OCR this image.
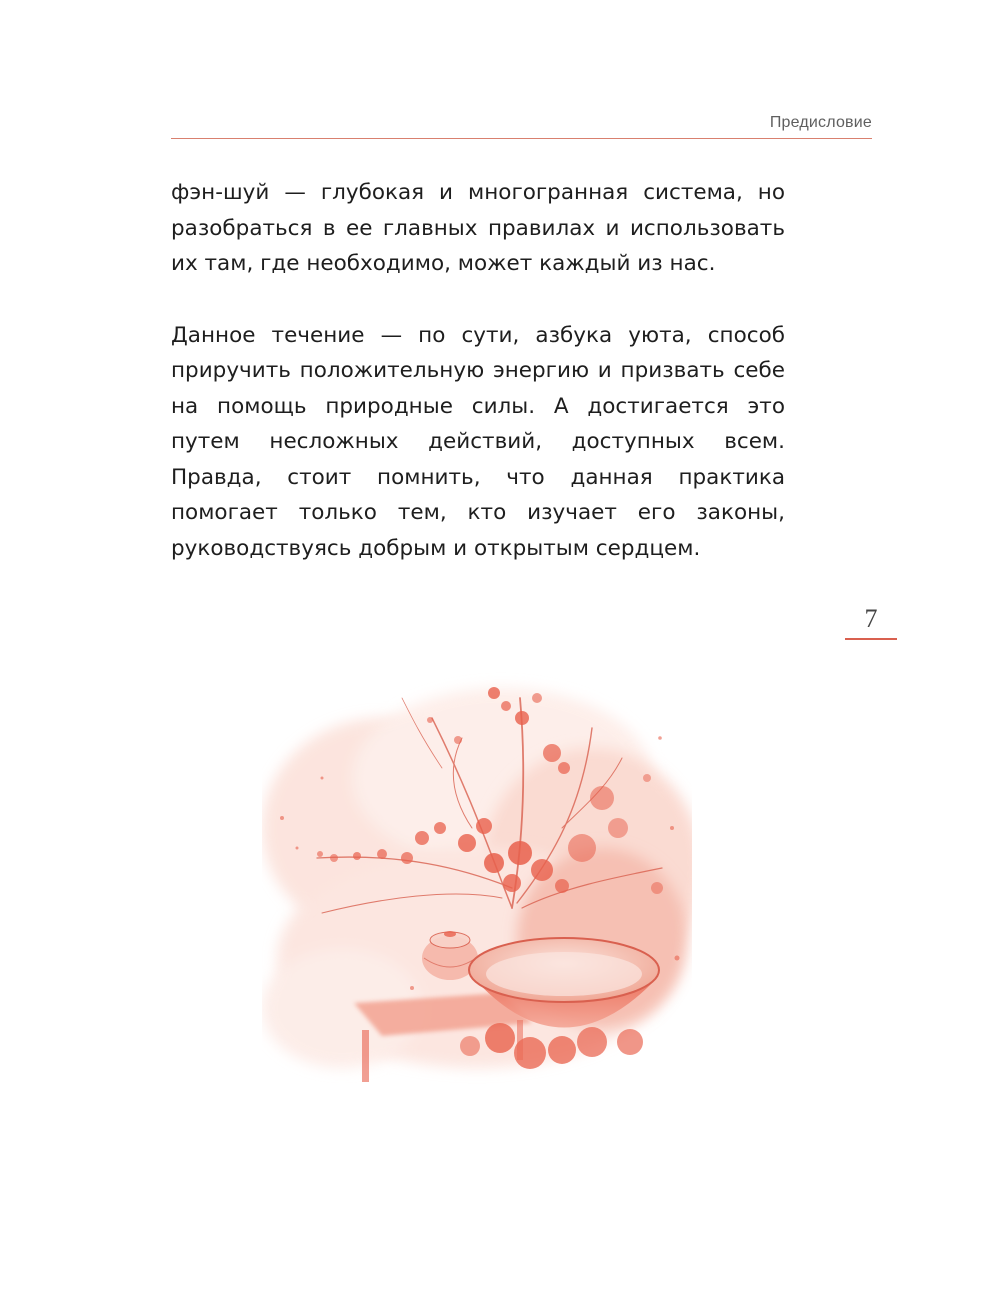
Предисловие

фэн-шуй — глубокая и многогранная система, но разобраться в ее главных правилах и использовать их там, где необходимо, может каждый из нас.

Данное течение — по сути, азбука уюта, способ приручить положительную энергию и призвать себе на помощь природные силы. А достигается это путем несложных действий, доступных всем. Правда, стоит помнить, что данная практика помогает только тем, кто изучает его законы, руководствуясь добрым и открытым сердцем.

7
